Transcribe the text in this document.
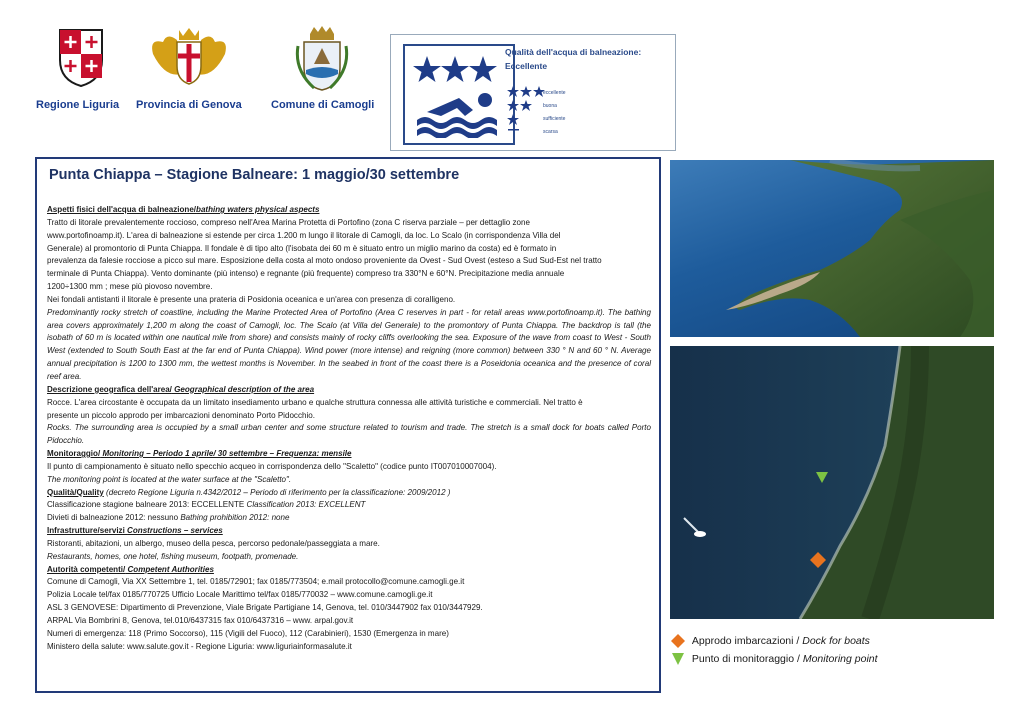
Regione Liguria Provincia di Genova	Comune di Camogli
Qualità dell'acqua di balneazione:
Eccellente
eccellente
buona
sufficiente
scarsa
Punta Chiappa – Stagione Balneare: 1 maggio/30 settembre

Aspetti fisici dell'acqua di balneazione/bathing waters physical aspects

Tratto di litorale prevalentemente roccioso, compreso nell'Area Marina Protetta di Portofino (zona C riserva parziale – per dettaglio zone

www.portofinoamp.it). L'area di balneazione si estende per circa 1.200 m lungo il litorale di Camogli, da loc. Lo Scalo (in corrispondenza Villa del

Generale) al promontorio di Punta Chiappa. Il fondale è di tipo alto (l'isobata dei 60 m è situato entro un miglio marino da costa) ed è formato in

prevalenza da falesie rocciose a picco sul mare. Esposizione della costa al moto ondoso proveniente da Ovest - Sud Ovest (esteso a Sud Sud-Est nel tratto

terminale di Punta Chiappa). Vento dominante (più intenso) e regnante (più frequente) compreso tra 330°N e 60°N. Precipitazione media annuale

1200÷1300 mm ; mese più piovoso novembre.

Nei fondali antistanti il litorale è presente una prateria di Posidonia oceanica e un'area con presenza di coralligeno.

Predominantly rocky stretch of coastline, including the Marine Protected Area of Portofino (Area C reserves in part - for retail areas www.portofinoamp.it). The bathing area covers approximately 1,200 m along the coast of Camogli, loc. The Scalo (at Villa del Generale) to the promontory of Punta Chiappa. The backdrop is tall (the isobath of 60 m is located within one nautical mile from shore) and consists mainly of rocky cliffs overlooking the sea. Exposure of the wave from coast to West - South West (extended to South South East at the far end of Punta Chiappa). Wind power (more intense) and reigning (more common) between 330 ° N and 60 ° N. Average annual precipitation is 1200 to 1300 mm, the wettest months is November. In the seabed in front of the coast there is a Poseidonia oceanica and the presence of coral reef area.

Descrizione geografica dell'area/ Geographical description of the area

Rocce. L'area circostante è occupata da un limitato insediamento urbano e qualche struttura connessa alle attività turistiche e commerciali. Nel tratto è

presente un piccolo approdo per imbarcazioni denominato Porto Pidocchio.

Rocks. The surrounding area is occupied by a small urban center and some structure related to tourism and trade. The stretch is a small dock for boats called Porto Pidocchio.

Monitoraggio/ Monitoring – Periodo 1 aprile/ 30 settembre – Frequenza: mensile

Il punto di campionamento è situato nello specchio acqueo in corrispondenza dello "Scaletto" (codice punto IT007010007004).

The monitoring point is located at the water surface at the "Scaletto".

Qualità/Quality (decreto Regione Liguria n.4342/2012 – Periodo di riferimento per la classificazione: 2009/2012 )

Classificazione stagione balneare 2013: ECCELLENTE Classification 2013: EXCELLENT

Divieti di balneazione 2012: nessuno Bathing prohibition 2012: none

Infrastrutture/servizi Constructions – services

Ristoranti, abitazioni, un albergo, museo della pesca, percorso pedonale/passeggiata a mare.

Restaurants, homes, one hotel, fishing museum, footpath, promenade.

Autorità competenti/ Competent Authorities

Comune di Camogli, Via XX Settembre 1, tel. 0185/72901; fax 0185/773504; e.mail protocollo@comune.camogli.ge.it

Polizia Locale tel/fax 0185/770725 Ufficio Locale Marittimo tel/fax 0185/770032 – www.comune.camogli.ge.it

ASL 3 GENOVESE: Dipartimento di Prevenzione, Viale Brigate Partigiane 14, Genova, tel. 010/3447902 fax 010/3447929.

ARPAL Via Bombrini 8, Genova, tel.010/6437315 fax 010/6437316 – www. arpal.gov.it

Numeri di emergenza: 118 (Primo Soccorso), 115 (Vigili del Fuoco), 112 (Carabinieri), 1530 (Emergenza in mare)

Ministero della salute: www.salute.gov.it - Regione Liguria: www.liguriainformasalute.it	Approdo imbarcazioni / Dock for boats
Punto di monitoraggio / Monitoring point
